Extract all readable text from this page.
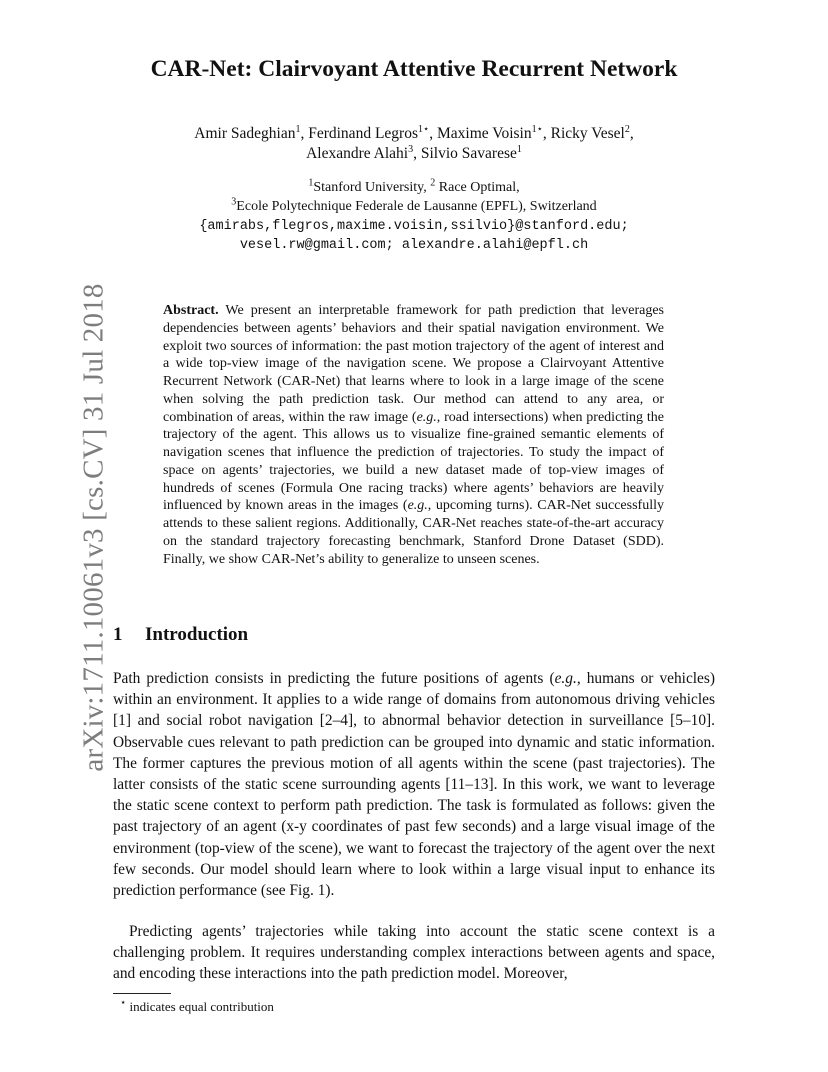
arXiv:1711.10061v3 [cs.CV] 31 Jul 2018
CAR-Net: Clairvoyant Attentive Recurrent Network
Amir Sadeghian$^1$, Ferdinand Legros$^{1⋆}$, Maxime Voisin$^{1⋆}$, Ricky Vesel$^2$,
Alexandre Alahi$^3$, Silvio Savarese$^1$
$^1$Stanford University, $^2$ Race Optimal,
$^3$Ecole Polytechnique Federale de Lausanne (EPFL), Switzerland
{amirabs,flegros,maxime.voisin,ssilvio}@stanford.edu;
vesel.rw@gmail.com; alexandre.alahi@epfl.ch

Abstract. We present an interpretable framework for path prediction that leverages dependencies between agents’ behaviors and their spatial navigation environment. We exploit two sources of information: the past motion trajectory of the agent of interest and a wide top-view image of the navigation scene. We propose a Clairvoyant Attentive Recurrent Network (CAR-Net) that learns where to look in a large image of the scene when solving the path prediction task. Our method can attend to any area, or combination of areas, within the raw image (e.g., road intersections) when predicting the trajectory of the agent. This allows us to visualize fine-grained semantic elements of navigation scenes that influence the prediction of trajectories. To study the impact of space on agents’ trajectories, we build a new dataset made of top-view images of hundreds of scenes (Formula One racing tracks) where agents’ behaviors are heavily influenced by known areas in the images (e.g., upcoming turns). CAR-Net successfully attends to these salient regions. Additionally, CAR-Net reaches state-of-the-art accuracy on the standard trajectory forecasting benchmark, Stanford Drone Dataset (SDD). Finally, we show CAR-Net’s ability to generalize to unseen scenes.

1 Introduction

Path prediction consists in predicting the future positions of agents (e.g., humans or vehicles) within an environment. It applies to a wide range of domains from autonomous driving vehicles [1] and social robot navigation [2–4], to abnormal behavior detection in surveillance [5–10]. Observable cues relevant to path prediction can be grouped into dynamic and static information. The former captures the previous motion of all agents within the scene (past trajectories). The latter consists of the static scene surrounding agents [11–13]. In this work, we want to leverage the static scene context to perform path prediction. The task is formulated as follows: given the past trajectory of an agent (x-y coordinates of past few seconds) and a large visual image of the environment (top-view of the scene), we want to forecast the trajectory of the agent over the next few seconds. Our model should learn where to look within a large visual input to enhance its prediction performance (see Fig. 1).

Predicting agents’ trajectories while taking into account the static scene context is a challenging problem. It requires understanding complex interactions between agents and space, and encoding these interactions into the path prediction model. Moreover,

⋆ indicates equal contribution
